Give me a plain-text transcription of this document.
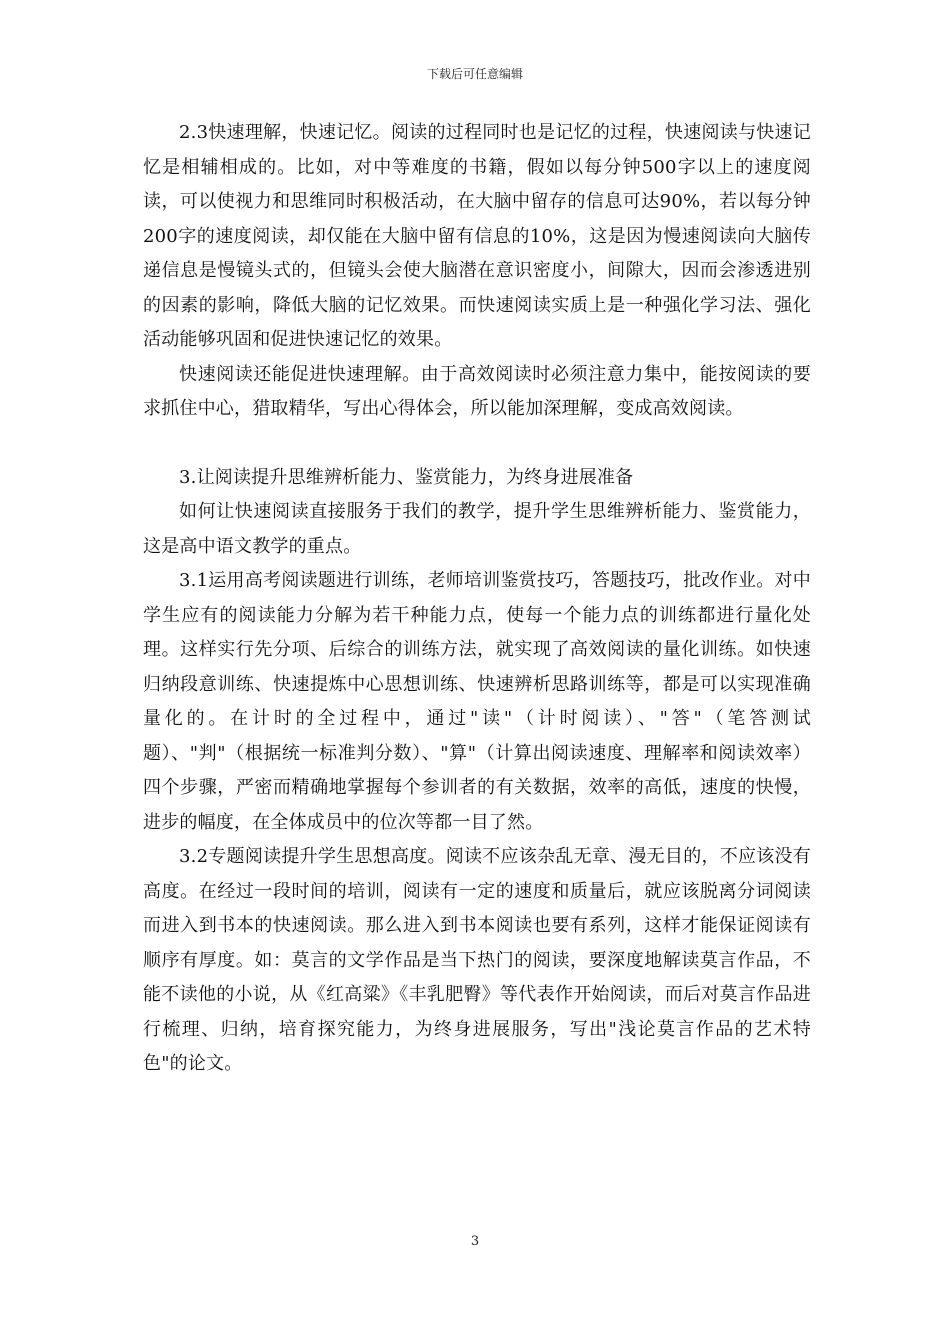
下载后可任意编辑

2.3快速理解，快速记忆。阅读的过程同时也是记忆的过程，快速阅读与快速记忆是相辅相成的。比如，对中等难度的书籍，假如以每分钟500字以上的速度阅读，可以使视力和思维同时积极活动，在大脑中留存的信息可达90%，若以每分钟200字的速度阅读，却仅能在大脑中留有信息的10%，这是因为慢速阅读向大脑传递信息是慢镜头式的，但镜头会使大脑潜在意识密度小，间隙大，因而会渗透进别的因素的影响，降低大脑的记忆效果。而快速阅读实质上是一种强化学习法、强化活动能够巩固和促进快速记忆的效果。

快速阅读还能促进快速理解。由于高效阅读时必须注意力集中，能按阅读的要求抓住中心，猎取精华，写出心得体会，所以能加深理解，变成高效阅读。

3.让阅读提升思维辨析能力、鉴赏能力，为终身进展准备

如何让快速阅读直接服务于我们的教学，提升学生思维辨析能力、鉴赏能力，这是高中语文教学的重点。

3.1运用高考阅读题进行训练，老师培训鉴赏技巧，答题技巧，批改作业。对中学生应有的阅读能力分解为若干种能力点，使每一个能力点的训练都进行量化处理。这样实行先分项、后综合的训练方法，就实现了高效阅读的量化训练。如快速归纳段意训练、快速提炼中心思想训练、快速辨析思路训练等，都是可以实现准确量化的。在计时的全过程中，通过"读"（计时阅读）、"答"（笔答测试题）、"判"（根据统一标准判分数）、"算"（计算出阅读速度、理解率和阅读效率）四个步骤，严密而精确地掌握每个参训者的有关数据，效率的高低，速度的快慢，进步的幅度，在全体成员中的位次等都一目了然。

3.2专题阅读提升学生思想高度。阅读不应该杂乱无章、漫无目的，不应该没有高度。在经过一段时间的培训，阅读有一定的速度和质量后，就应该脱离分词阅读而进入到书本的快速阅读。那么进入到书本阅读也要有系列，这样才能保证阅读有顺序有厚度。如：莫言的文学作品是当下热门的阅读，要深度地解读莫言作品，不能不读他的小说，从《红高粱》《丰乳肥臀》等代表作开始阅读，而后对莫言作品进行梳理、归纳，培育探究能力，为终身进展服务，写出"浅论莫言作品的艺术特色"的论文。

3
